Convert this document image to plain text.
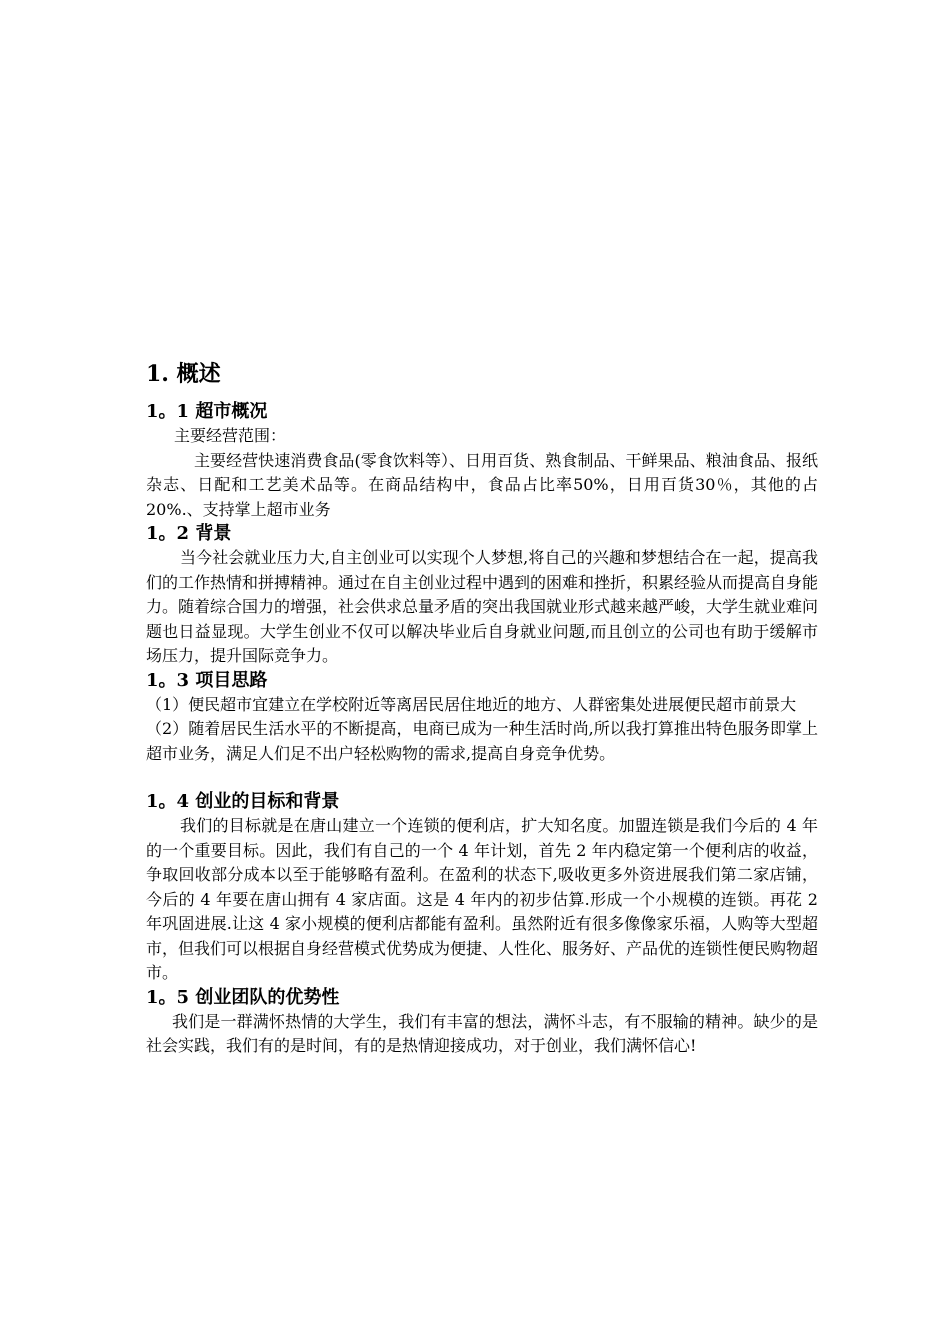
1. 概述
1。1 超市概况

主要经营范围：

主要经营快速消费食品(零食饮料等）、日用百货、熟食制品、干鲜果品、粮油食品、报纸杂志、日配和工艺美术品等。在商品结构中，食品占比率50%，日用百货30％，其他的占20%.、支持掌上超市业务

1。2 背景

当今社会就业压力大,自主创业可以实现个人梦想,将自己的兴趣和梦想结合在一起，提高我们的工作热情和拼搏精神。通过在自主创业过程中遇到的困难和挫折，积累经验从而提高自身能力。随着综合国力的增强，社会供求总量矛盾的突出我国就业形式越来越严峻，大学生就业难问题也日益显现。大学生创业不仅可以解决毕业后自身就业问题,而且创立的公司也有助于缓解市场压力，提升国际竞争力。

1。3 项目思路

（1）便民超市宜建立在学校附近等离居民居住地近的地方、人群密集处进展便民超市前景大

（2）随着居民生活水平的不断提高，电商已成为一种生活时尚,所以我打算推出特色服务即掌上超市业务，满足人们足不出户轻松购物的需求,提高自身竞争优势。

1。4 创业的目标和背景

我们的目标就是在唐山建立一个连锁的便利店，扩大知名度。加盟连锁是我们今后的 4 年的一个重要目标。因此，我们有自己的一个 4 年计划，首先 2 年内稳定第一个便利店的收益，争取回收部分成本以至于能够略有盈利。在盈利的状态下,吸收更多外资进展我们第二家店铺，今后的 4 年要在唐山拥有 4 家店面。这是 4 年内的初步估算.形成一个小规模的连锁。再花 2 年巩固进展.让这 4 家小规模的便利店都能有盈利。虽然附近有很多像像家乐福，人购等大型超市，但我们可以根据自身经营模式优势成为便捷、人性化、服务好、产品优的连锁性便民购物超市。

1。5 创业团队的优势性

我们是一群满怀热情的大学生，我们有丰富的想法，满怀斗志，有不服输的精神。缺少的是社会实践，我们有的是时间，有的是热情迎接成功，对于创业，我们满怀信心!
